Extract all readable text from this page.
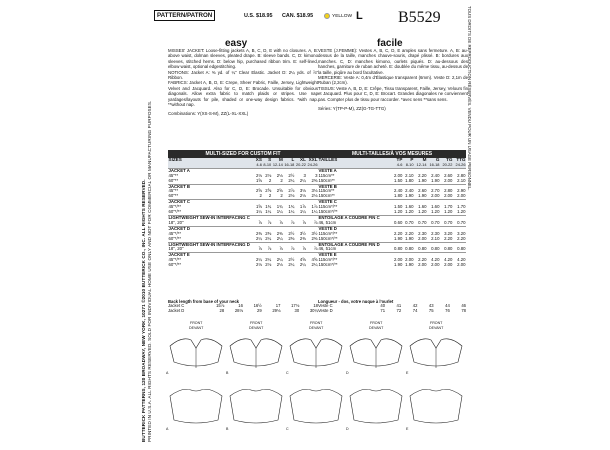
BUTTERICK PATTERNS, 120 BROADWAY, NEW YORK, 10271 ©2010 BUTTERICK CO., INC. ALL RIGHTS RESERVED. PRINTED IN U.S.A. ALL RIGHTS RESERVED. SOLD FOR INDIVIDUAL HOME USE ONLY AND NOT FOR COMMERCIAL OR MANUFACTURING PURPOSES.
TOUS DROITS DE REPRODUCTION RÉSERVÉS. VENDU POUR UN USAGE PERSONNEL.
PATTERN/PATRON	U.S. $18.95 CAN. $18.95	YELLOW L B5529
easy	facile

MISSES' JACKET: Loose-fitting jackets A, B, C, D, E with no closures. A, B: above waist, dolman sleeves, pleated drape. B: sleeve bands. C, D: kimono sleeves, stitched hems. D: below hip, purchased ribbon trim. E: self-lined, elbow waist, optional edgestitching.

NOTIONS: Jacket A: ⅜ yd. of ¼" Clear Elastic. Jacket D: 2¼ yds. of ⅞" Ribbon.

FABRICS: Jacket A, B, D, E: Crepe, Sheer Fabric, Faille, Jersey, Lightweight Velvet and Jacquard. Also for C, D, E: Brocade. Unsuitable for obvious diagonals. Allow extra fabric to match plaids or stripes. Use nap yardages/layouts for pile, shaded or one-way design fabrics. *with nap. **without nap.

Combinations: Y(XS-S-M), ZZ(L-XL-XXL)

VESTE (J.FEMME): Vestes A, B, C, D, E amples sans fermeture. A, B: au-dessus de la taille, manches chauve-souris, drapé plissé. B: bordures aux manches. C, D: manches kimono, ourlets piqués. D: au-dessous des hanches, garniture de ruban acheté. E: doublée du même tissu, au-dessus de la taille, piqûre au bord facultative.

MERCERIE: Veste A: 0,4m d'Élastique transparent (6mm). Veste D: 2,1m de Ruban (2,2cm).

TISSUS: Veste A, B, D, E: Crêpe, Tissu transparent, Faille, Jersey, Velours fin et Jacquard. Plus pour C, D, E: Brocart. Grandes diagonales ne conviennent pas. Compter plus de tissu pour raccorder. *avec sens **sans sens.

Séries: Y(TP-P-M), ZZ(G-TG-TTG)

MULTI-SIZED FOR CUSTOM FIT	MULTI-TAILLES/À VOS MESURES
SIZES	XS	S	M	L	XL	XXL
	4-6	8-10	12-14	16-18	20-22	24-26
JACKET A						
45"**	2⅛	2⅛	2⅛	2½	3	3
60"**	1⅝	2	2	2¼	2¼	2⅜
JACKET B						
45"**	2⅝	2⅝	2⅝	2⅞	3⅛	3⅛
60"**	2	2	2	2⅛	2⅛	2⅛
JACKET C						
45"*/**	1⅝	1¾	1¾	1¾	1⅞	1⅞
60"*/**	1¼	1¼	1¼	1¼	1¼	1¼
LIGHTWEIGHT SEW-IN INTERFACING C						
18", 20"	⅞	⅞	⅞	⅞	⅞	⅞
JACKET D						
45"*/**	2⅜	2⅜	2⅜	2½	3½	3½
60"*/**	2¼	2¼	2¼	2⅜	2⅜	2⅜
LIGHTWEIGHT SEW-IN INTERFACING D						
18", 20"	⅞	⅞	⅞	⅞	⅞	⅞
JACKET E						
45"*/**	2¼	2¼	2¼	2½	4⅝	4⅝
60"*/**	2⅛	2⅛	2⅛	2¼	2¼	2¼
TAILLES	TP	P	M	G	TG	TTG
	4-6	8-10	12-14	16-18	20-22	24-26
VESTE A						
115cm**	2.00	2.10	2.20	2.40	2.60	2.80
150cm**	1.50	1.80	1.90	1.90	2.00	2.10
VESTE B						
115cm**	2.40	2.40	2.60	2.70	2.80	2.90
150cm**	1.80	1.90	1.90	2.00	2.00	2.00
VESTE C						
115cm*/**	1.50	1.60	1.60	1.60	1.70	1.70
150cm*/**	1.20	1.20	1.20	1.20	1.20	1.20
ENTOILAGE A COUDRE FIN C						
46, 51cm	0.60	0.70	0.70	0.70	0.70	0.70
VESTE D						
115cm*/**	2.20	2.20	2.30	2.30	3.20	3.20
150cm*/**	1.90	1.90	2.00	2.10	2.20	2.20
ENTOILAGE A COUDRE FIN D						
46, 51cm	0.80	0.80	0.80	0.80	0.80	0.80
VESTE E						
115cm*/**	2.00	2.00	2.20	4.20	4.20	4.20
150cm*/**	1.90	1.90	2.00	2.00	2.00	2.00
Back length from base of your neck
Jacket C	15⅞	16	16½	17	17⅛	18
Jacket D	28	28⅛	29	29⅛	30	30¼
Longueur - dos, votre nuque à l'ourlet
Veste C	40	41	42	43	44	46
Veste D	71	72	74	75	76	78
FRONT
DEVANT
A
A
FRONT
DEVANT
B
B
FRONT
DEVANT
C
C
FRONT
DEVANT
D
D
FRONT
DEVANT
E
E
